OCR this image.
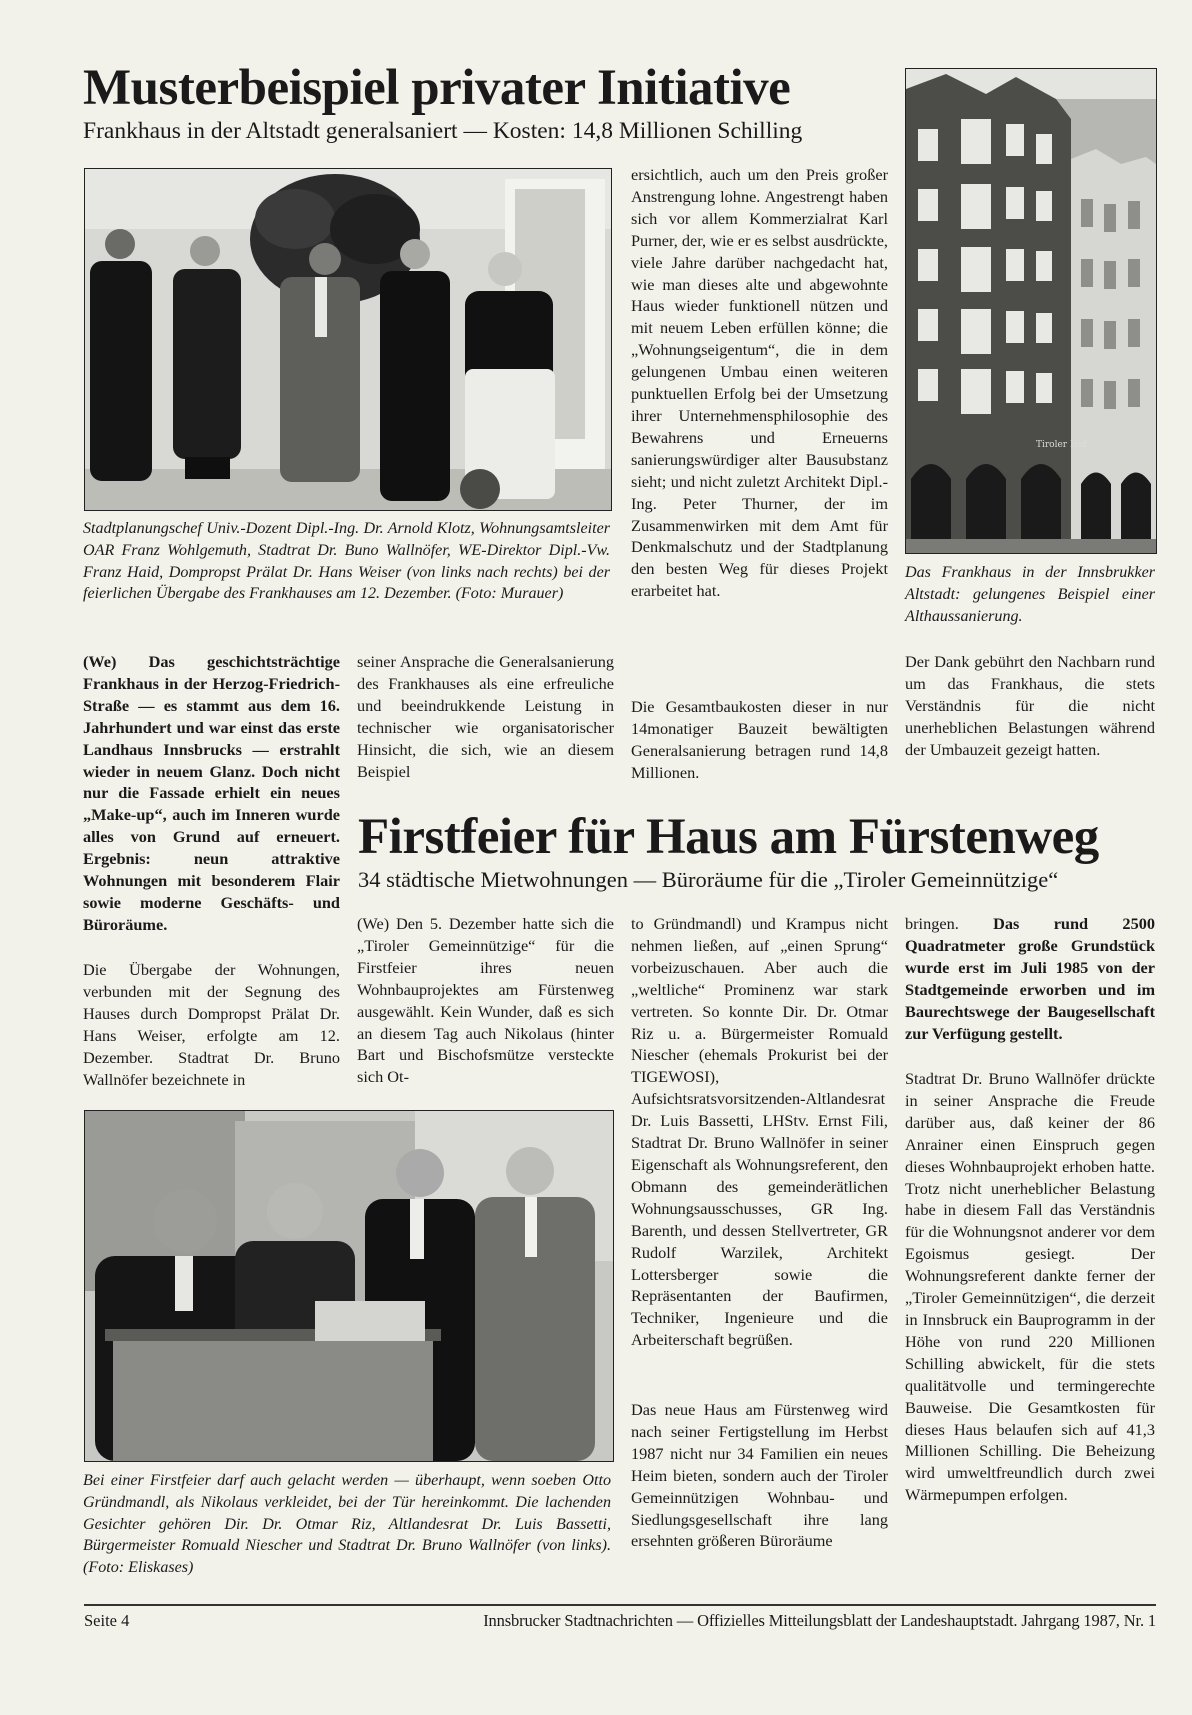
Musterbeispiel privater Initiative
Frankhaus in der Altstadt generalsaniert — Kosten: 14,8 Millionen Schilling
Stadtplanungschef Univ.-Dozent Dipl.-Ing. Dr. Arnold Klotz, Wohnungsamtsleiter OAR Franz Wohlgemuth, Stadtrat Dr. Buno Wallnöfer, WE-Direktor Dipl.-Vw. Franz Haid, Dompropst Prälat Dr. Hans Weiser (von links nach rechts) bei der feierlichen Übergabe des Frankhauses am 12. Dezember. (Foto: Murauer)
Tiroler Hof
Das Frankhaus in der Innsbrukker Altstadt: gelungenes Beispiel einer Althaussanierung.
(We) Das geschichtsträchtige Frankhaus in der Herzog-Friedrich-Straße — es stammt aus dem 16. Jahrhundert und war einst das erste Landhaus Innsbrucks — erstrahlt wieder in neuem Glanz. Doch nicht nur die Fassade erhielt ein neues „Make-up“, auch im Inneren wurde alles von Grund auf erneuert. Ergebnis: neun attraktive Wohnungen mit besonderem Flair sowie moderne Geschäfts- und Büroräume.
Die Übergabe der Wohnungen, verbunden mit der Segnung des Hauses durch Dompropst Prälat Dr. Hans Weiser, erfolgte am 12. Dezember. Stadtrat Dr. Bruno Wallnöfer bezeichnete in
seiner Ansprache die Generalsanierung des Frankhauses als eine erfreuliche und beeindrukkende Leistung in technischer wie organisatorischer Hinsicht, die sich, wie an diesem Beispiel
ersichtlich, auch um den Preis großer Anstrengung lohne. Angestrengt haben sich vor allem Kommerzialrat Karl Purner, der, wie er es selbst ausdrückte, viele Jahre darüber nachgedacht hat, wie man dieses alte und abgewohnte Haus wieder funktionell nützen und mit neuem Leben erfüllen könne; die „Wohnungseigentum“, die in dem gelungenen Umbau einen weiteren punktuellen Erfolg bei der Umsetzung ihrer Unternehmensphilosophie des Bewahrens und Erneuerns sanierungswürdiger alter Bausubstanz sieht; und nicht zuletzt Architekt Dipl.-Ing. Peter Thurner, der im Zusammenwirken mit dem Amt für Denkmalschutz und der Stadtplanung den besten Weg für dieses Projekt erarbeitet hat.
Die Gesamtbaukosten dieser in nur 14monatiger Bauzeit bewältigten Generalsanierung betragen rund 14,8 Millionen.
Der Dank gebührt den Nachbarn rund um das Frankhaus, die stets Verständnis für die nicht unerheblichen Belastungen während der Umbauzeit gezeigt hatten.
Firstfeier für Haus am Fürstenweg
34 städtische Mietwohnungen — Büroräume für die „Tiroler Gemeinnützige“
(We) Den 5. Dezember hatte sich die „Tiroler Gemeinnützige“ für die Firstfeier ihres neuen Wohnbauprojektes am Fürstenweg ausgewählt. Kein Wunder, daß es sich an diesem Tag auch Nikolaus (hinter Bart und Bischofsmütze versteckte sich Ot-
to Gründmandl) und Krampus nicht nehmen ließen, auf „einen Sprung“ vorbeizuschauen. Aber auch die „weltliche“ Prominenz war stark vertreten. So konnte Dir. Dr. Otmar Riz u. a. Bürgermeister Romuald Niescher (ehemals Prokurist bei der TIGEWOSI), Aufsichtsratsvorsitzenden-Altlandesrat Dr. Luis Bassetti, LHStv. Ernst Fili, Stadtrat Dr. Bruno Wallnöfer in seiner Eigenschaft als Wohnungsreferent, den Obmann des gemeinderätlichen Wohnungsausschusses, GR Ing. Barenth, und dessen Stellvertreter, GR Rudolf Warzilek, Architekt Lottersberger sowie die Repräsentanten der Baufirmen, Techniker, Ingenieure und die Arbeiterschaft begrüßen.
Das neue Haus am Fürstenweg wird nach seiner Fertigstellung im Herbst 1987 nicht nur 34 Familien ein neues Heim bieten, sondern auch der Tiroler Gemeinnützigen Wohnbau- und Siedlungsgesellschaft ihre lang ersehnten größeren Büroräume
bringen. Das rund 2500 Quadratmeter große Grundstück wurde erst im Juli 1985 von der Stadtgemeinde erworben und im Baurechtswege der Baugesellschaft zur Verfügung gestellt.
Stadtrat Dr. Bruno Wallnöfer drückte in seiner Ansprache die Freude darüber aus, daß keiner der 86 Anrainer einen Einspruch gegen dieses Wohnbauprojekt erhoben hatte. Trotz nicht unerheblicher Belastung habe in diesem Fall das Verständnis für die Wohnungsnot anderer vor dem Egoismus gesiegt. Der Wohnungsreferent dankte ferner der „Tiroler Gemeinnützigen“, die derzeit in Innsbruck ein Bauprogramm in der Höhe von rund 220 Millionen Schilling abwickelt, für die stets qualitätvolle und termingerechte Bauweise. Die Gesamtkosten für dieses Haus belaufen sich auf 41,3 Millionen Schilling. Die Beheizung wird umweltfreundlich durch zwei Wärmepumpen erfolgen.
Bei einer Firstfeier darf auch gelacht werden — überhaupt, wenn soeben Otto Gründmandl, als Nikolaus verkleidet, bei der Tür hereinkommt. Die lachenden Gesichter gehören Dir. Dr. Otmar Riz, Altlandesrat Dr. Luis Bassetti, Bürgermeister Romuald Niescher und Stadtrat Dr. Bruno Wallnöfer (von links). (Foto: Eliskases)
Seite 4	Innsbrucker Stadtnachrichten — Offizielles Mitteilungsblatt der Landeshauptstadt. Jahrgang 1987, Nr. 1
